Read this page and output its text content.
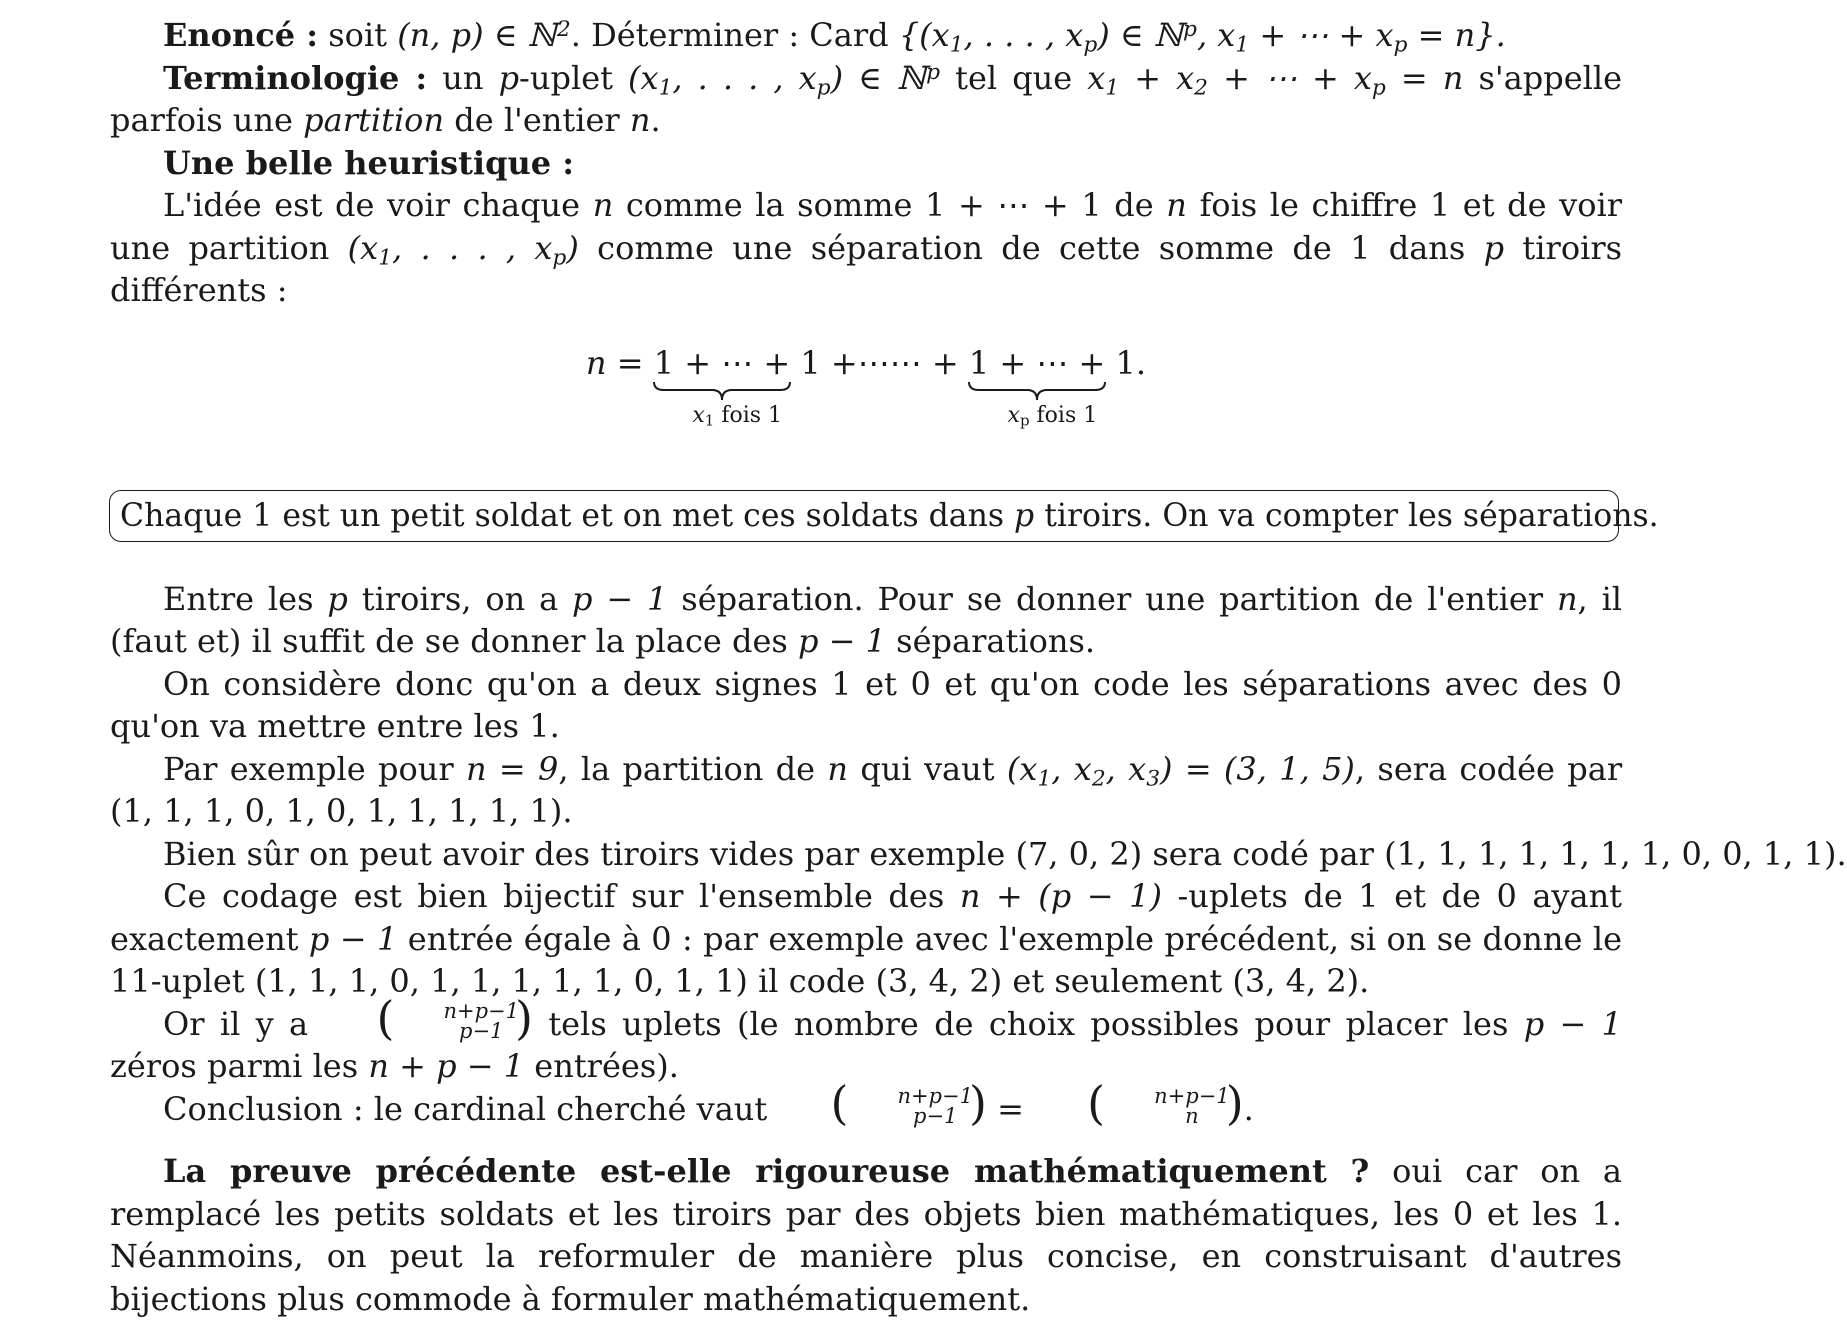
Enoncé : soit (n, p) ∈ ℕ$^2$. Déterminer : Card {($x_1$, . . . , $x_p$) ∈ ℕ$^p$, $x_1$ + ⋯ + $x_p = n$}.

Terminologie : un p-uplet ($x_1$, . . . , $x_p$) ∈ ℕ$^p$ tel que $x_1 + x_2$ + ⋯ + $x_p = n$ s'appelle parfois une partition de l'entier n.

Une belle heuristique :

L'idée est de voir chaque n comme la somme 1 + ⋯ + 1 de n fois le chiffre 1 et de voir une partition ($x_1$, . . . , $x_p$) comme une séparation de cette somme de 1 dans p tiroirs différents :

n = 1 + ⋯ + 1
$x_1$ fois 1
+⋯⋯ + 1 + ⋯ + 1
$x_p$ fois 1
.
Chaque 1 est un petit soldat et on met ces soldats dans p tiroirs. On va compter les séparations.

Entre les p tiroirs, on a p − 1 séparation. Pour se donner une partition de l'entier n, il (faut et) il suffit de se donner la place des p − 1 séparations.

On considère donc qu'on a deux signes 1 et 0 et qu'on code les séparations avec des 0 qu'on va mettre entre les 1.

Par exemple pour n = 9, la partition de n qui vaut ($x_1$, $x_2$, $x_3) = (3$, 1, 5), sera codée par (1, 1, 1, 0, 1, 0, 1, 1, 1, 1, 1).

Bien sûr on peut avoir des tiroirs vides par exemple (7, 0, 2) sera codé par (1, 1, 1, 1, 1, 1, 1, 0, 0, 1, 1).

Ce codage est bien bijectif sur l'ensemble des n + (p − 1) -uplets de 1 et de 0 ayant exactement p − 1 entrée égale à 0 : par exemple avec l'exemple précédent, si on se donne le 11-uplet (1, 1, 1, 0, 1, 1, 1, 1, 1, 0, 1, 1) il code (3, 4, 2) et seulement (3, 4, 2).

Or il y a	(	n+p−1
p−1 ) tels uplets (le nombre de choix possibles pour placer les p − 1 zéros parmi les n + p − 1 entrées).

Conclusion : le cardinal cherché vaut	(	n+p−1
p−1 ) =	(	n+p−1
n ) .

La preuve précédente est-elle rigoureuse mathématiquement ? oui car on a remplacé les petits soldats et les tiroirs par des objets bien mathématiques, les 0 et les 1. Néanmoins, on peut la reformuler de manière plus concise, en construisant d'autres bijections plus commode à formuler mathématiquement.
